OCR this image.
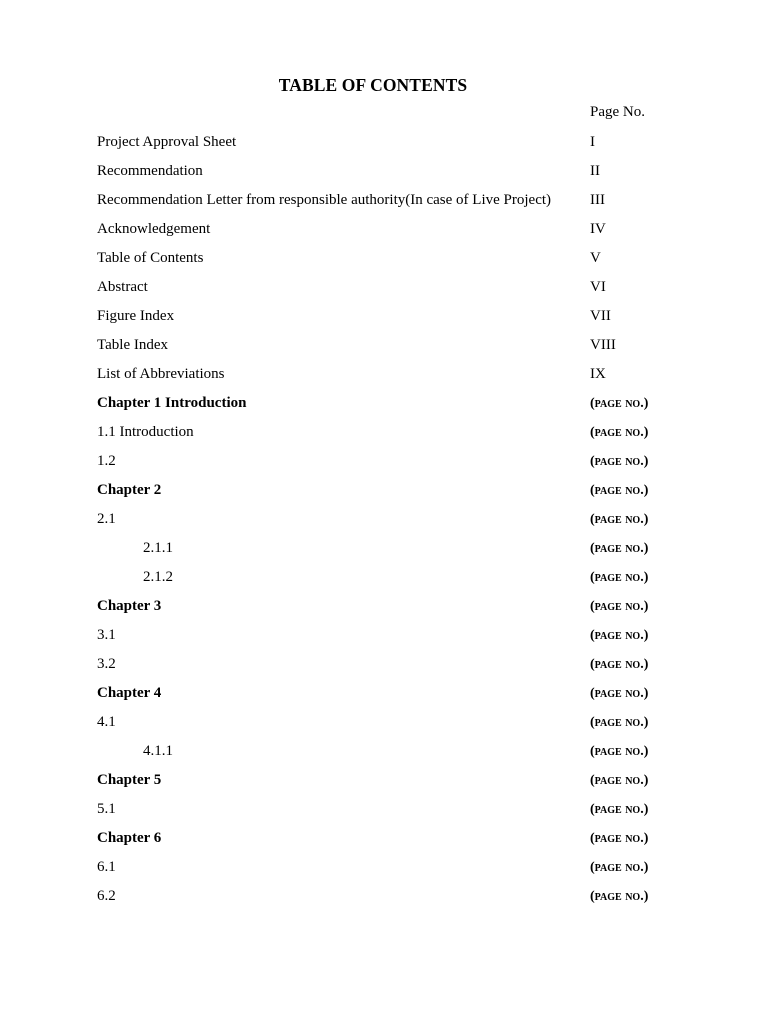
TABLE OF CONTENTS
Page No.
Project Approval Sheet	I
Recommendation	II
Recommendation Letter from responsible authority(In case of Live Project)	III
Acknowledgement	IV
Table of Contents	V
Abstract	VI
Figure Index	VII
Table Index	VIII
List of Abbreviations	IX
Chapter 1 Introduction	(page no.)
1.1 Introduction	(page no.)
1.2	(page no.)
Chapter 2	(page no.)
2.1	(page no.)
2.1.1	(page no.)
2.1.2	(page no.)
Chapter 3	(page no.)
3.1	(page no.)
3.2	(page no.)
Chapter 4	(page no.)
4.1	(page no.)
4.1.1	(page no.)
Chapter 5	(page no.)
5.1	(page no.)
Chapter 6	(page no.)
6.1	(page no.)
6.2	(page no.)
